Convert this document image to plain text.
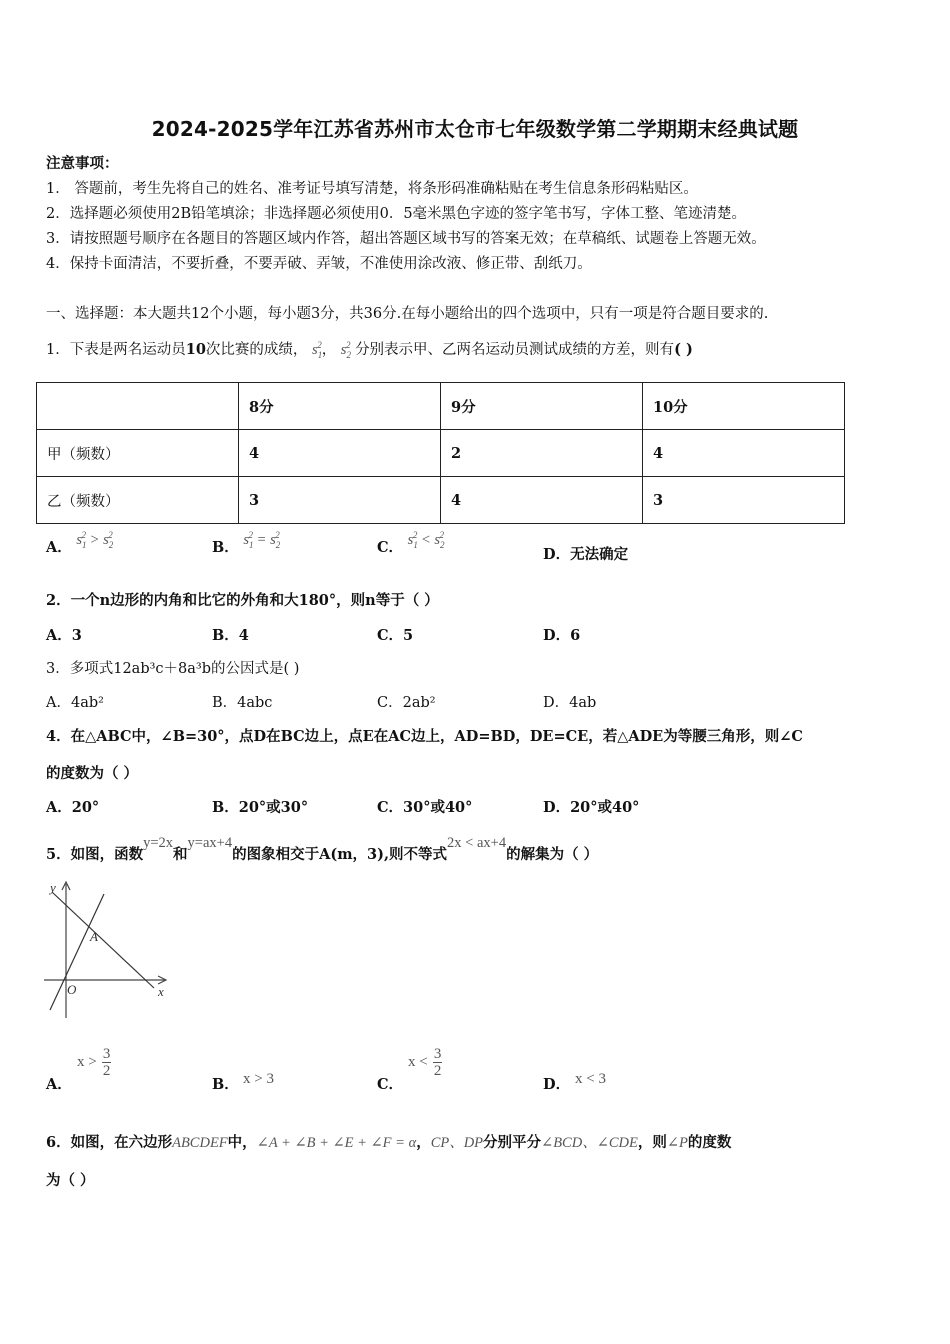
2024-2025学年江苏省苏州市太仓市七年级数学第二学期期末经典试题
注意事项：
1． 答题前，考生先将自己的姓名、准考证号填写清楚，将条形码准确粘贴在考生信息条形码粘贴区。
2．选择题必须使用2B铅笔填涂；非选择题必须使用0．5毫米黑色字迹的签字笔书写，字体工整、笔迹清楚。
3．请按照题号顺序在各题目的答题区域内作答，超出答题区域书写的答案无效；在草稿纸、试题卷上答题无效。
4．保持卡面清洁，不要折叠，不要弄破、弄皱，不准使用涂改液、修正带、刮纸刀。
一、选择题：本大题共12个小题，每小题3分，共36分.在每小题给出的四个选项中，只有一项是符合题目要求的.
1．下表是两名运动员10次比赛的成绩， $s_1^2$， $s_2^2$ 分别表示甲、乙两名运动员测试成绩的方差，则有( )
	8分	9分	10分
甲（频数）	4	2	4
乙（频数）	3	4	3
A． $s_1^2 > s_2^2$
B． $s_1^2 = s_2^2$
C． $s_1^2 < s_2^2$
D．无法确定
2．一个n边形的内角和比它的外角和大180°，则n等于（ ）
A．3	B．4	C．5	D．6
3．多项式12ab³c＋8a³b的公因式是( )
A．4ab²	B．4abc	C．2ab²	D．4ab
4．在△ABC中，∠B=30°，点D在BC边上，点E在AC边上，AD=BD，DE=CE，若△ADE为等腰三角形，则∠C
的度数为（ ）
A．20°	B．20°或30°	C．30°或40°	D．20°或40°
5．如图，函数y=2x和y=ax+4的图象相交于A(m，3),则不等式2x < ax+4的解集为（ ）
y
x
O
A
A．
$x > \frac{3}{2}$
B． x > 3	C．
$x < \frac{3}{2}$
D． x < 3
6．如图，在六边形ABCDEF中，∠A + ∠B + ∠E + ∠F = α，CP、DP分别平分∠BCD、∠CDE，则∠P的度数
为（ ）
